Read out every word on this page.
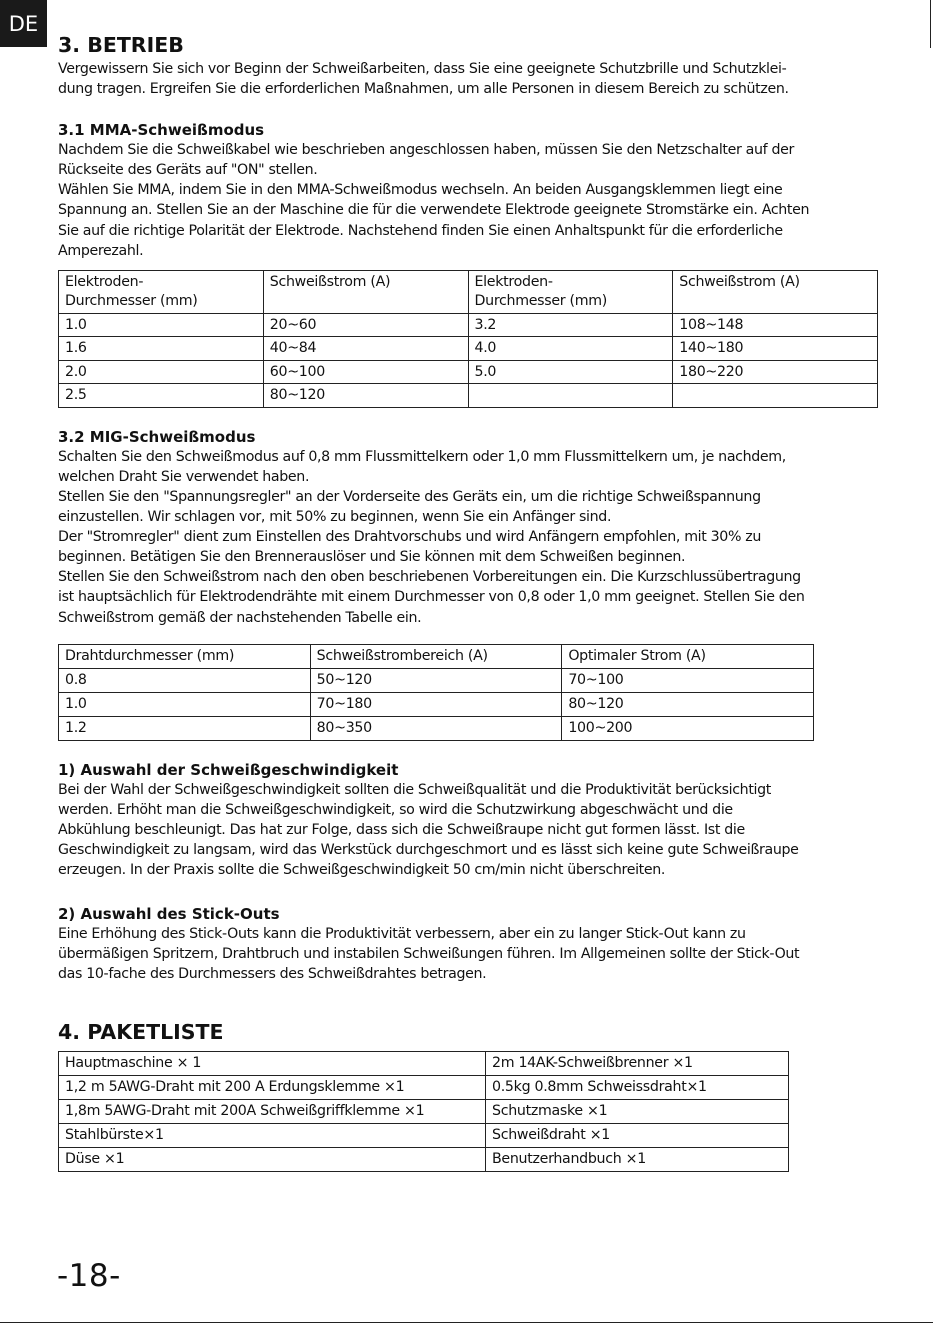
DE
3. BETRIEB

Vergewissern Sie sich vor Beginn der Schweißarbeiten, dass Sie eine geeignete Schutzbrille und Schutzklei-
dung tragen. Ergreifen Sie die erforderlichen Maßnahmen, um alle Personen in diesem Bereich zu schützen.

3.1 MMA-Schweißmodus

Nachdem Sie die Schweißkabel wie beschrieben angeschlossen haben, müssen Sie den Netzschalter auf der
Rückseite des Geräts auf "ON" stellen.
Wählen Sie MMA, indem Sie in den MMA-Schweißmodus wechseln. An beiden Ausgangsklemmen liegt eine
Spannung an. Stellen Sie an der Maschine die für die verwendete Elektrode geeignete Stromstärke ein. Achten
Sie auf die richtige Polarität der Elektrode. Nachstehend finden Sie einen Anhaltspunkt für die erforderliche
Amperezahl.

Elektroden-
Durchmesser (mm)	Schweißstrom (A)	Elektroden-
Durchmesser (mm)	Schweißstrom (A)
1.0	20~60	3.2	108~148
1.6	40~84	4.0	140~180
2.0	60~100	5.0	180~220
2.5	80~120		
3.2 MIG-Schweißmodus

Schalten Sie den Schweißmodus auf 0,8 mm Flussmittelkern oder 1,0 mm Flussmittelkern um, je nachdem,
welchen Draht Sie verwendet haben.
Stellen Sie den "Spannungsregler" an der Vorderseite des Geräts ein, um die richtige Schweißspannung
einzustellen. Wir schlagen vor, mit 50% zu beginnen, wenn Sie ein Anfänger sind.
Der "Stromregler" dient zum Einstellen des Drahtvorschubs und wird Anfängern empfohlen, mit 30% zu
beginnen. Betätigen Sie den Brennerauslöser und Sie können mit dem Schweißen beginnen.
Stellen Sie den Schweißstrom nach den oben beschriebenen Vorbereitungen ein. Die Kurzschlussübertragung
ist hauptsächlich für Elektrodendrähte mit einem Durchmesser von 0,8 oder 1,0 mm geeignet. Stellen Sie den
Schweißstrom gemäß der nachstehenden Tabelle ein.

Drahtdurchmesser (mm)	Schweißstrombereich (A)	Optimaler Strom (A)
0.8	50~120	70~100
1.0	70~180	80~120
1.2	80~350	100~200
1) Auswahl der Schweißgeschwindigkeit

Bei der Wahl der Schweißgeschwindigkeit sollten die Schweißqualität und die Produktivität berücksichtigt
werden. Erhöht man die Schweißgeschwindigkeit, so wird die Schutzwirkung abgeschwächt und die
Abkühlung beschleunigt. Das hat zur Folge, dass sich die Schweißraupe nicht gut formen lässt. Ist die
Geschwindigkeit zu langsam, wird das Werkstück durchgeschmort und es lässt sich keine gute Schweißraupe
erzeugen. In der Praxis sollte die Schweißgeschwindigkeit 50 cm/min nicht überschreiten.

2) Auswahl des Stick-Outs

Eine Erhöhung des Stick-Outs kann die Produktivität verbessern, aber ein zu langer Stick-Out kann zu
übermäßigen Spritzern, Drahtbruch und instabilen Schweißungen führen. Im Allgemeinen sollte der Stick-Out
das 10-fache des Durchmessers des Schweißdrahtes betragen.

4. PAKETLISTE
Hauptmaschine × 1	2m 14AK-Schweißbrenner ×1
1,2 m 5AWG-Draht mit 200 A Erdungsklemme ×1	0.5kg 0.8mm Schweissdraht×1
1,8m 5AWG-Draht mit 200A Schweißgriffklemme ×1	Schutzmaske ×1
Stahlbürste×1	Schweißdraht ×1
Düse ×1	Benutzerhandbuch ×1
-18-
